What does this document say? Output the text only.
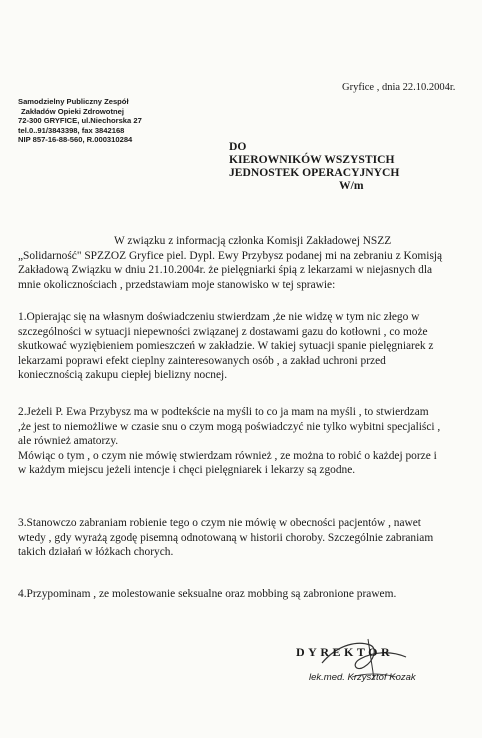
Gryfice , dnia 22.10.2004r.
Samodzielny Publiczny Zespół
Zakładów Opieki Zdrowotnej
72-300 GRYFICE, ul.Niechorska 27
tel.0..91/3843398, fax 3842168
NIP 857-16-88-560, R.000310284
DO
KIEROWNIKÓW WSZYSTICH
JEDNOSTEK OPERACYJNYCH
W/m
W związku z informacją członka Komisji Zakładowej NSZZ
„Solidarność" SPZZOZ Gryfice piel. Dypl. Ewy Przybysz podanej mi na zebraniu z Komisją
Zakładową Związku w dniu 21.10.2004r. że pielęgniarki śpią z lekarzami w niejasnych dla
mnie okolicznościach , przedstawiam moje stanowisko w tej sprawie:
1.Opierając się na własnym doświadczeniu stwierdzam ,że nie widzę w tym nic złego w
szczególności w sytuacji niepewności związanej z dostawami gazu do kotłowni , co może
skutkować wyziębieniem pomieszczeń w zakładzie. W takiej sytuacji spanie pielęgniarek z
lekarzami poprawi efekt cieplny zainteresowanych osób , a zakład uchroni przed
koniecznością zakupu ciepłej bielizny nocnej.
2.Jeżeli P. Ewa Przybysz ma w podtekście na myśli to co ja mam na myśli , to stwierdzam
,że jest to niemożliwe w czasie snu o czym mogą poświadczyć nie tylko wybitni specjaliści ,
ale również amatorzy.
Mówiąc o tym , o czym nie mówię stwierdzam również , ze można to robić o każdej porze i
w każdym miejscu jeżeli intencje i chęci pielęgniarek i lekarzy są zgodne.
3.Stanowczo zabraniam robienie tego o czym nie mówię w obecności pacjentów , nawet
wtedy , gdy wyrażą zgodę pisemną odnotowaną w historii choroby. Szczególnie zabraniam
takich działań w łóżkach chorych.
4.Przypominam , ze molestowanie seksualne oraz mobbing są zabronione prawem.
DYREKTOR
lek.med. Krzysztof Kozak
